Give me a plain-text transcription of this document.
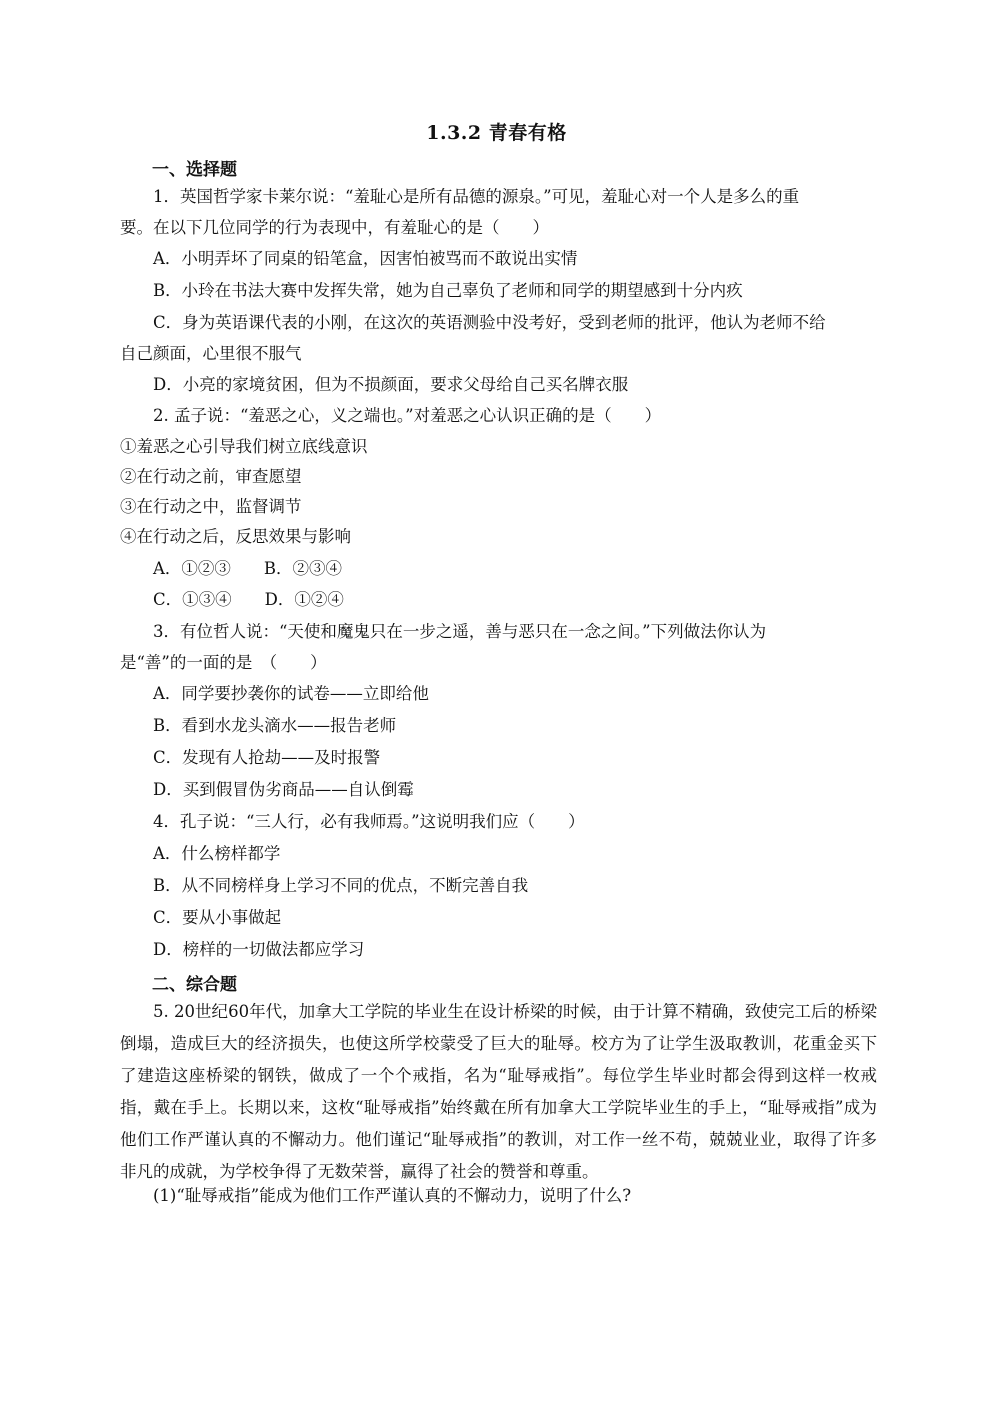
1.3.2 青春有格
一、选择题
1．英国哲学家卡莱尔说：“羞耻心是所有品德的源泉。”可见，羞耻心对一个人是多么的重
要。在以下几位同学的行为表现中，有羞耻心的是（　　）
A．小明弄坏了同桌的铅笔盒，因害怕被骂而不敢说出实情
B．小玲在书法大赛中发挥失常，她为自己辜负了老师和同学的期望感到十分内疚
C．身为英语课代表的小刚，在这次的英语测验中没考好，受到老师的批评，他认为老师不给
自己颜面，心里很不服气
D．小亮的家境贫困，但为不损颜面，要求父母给自己买名牌衣服
2. 孟子说：“羞恶之心，义之端也。”对羞恶之心认识正确的是（　　）
①羞恶之心引导我们树立底线意识
②在行动之前，审查愿望
③在行动之中，监督调节
④在行动之后，反思效果与影响
A．①②③　　B．②③④
C．①③④　　D．①②④
3．有位哲人说：“天使和魔鬼只在一步之遥，善与恶只在一念之间。”下列做法你认为
是“善”的一面的是　（　　）
A．同学要抄袭你的试卷——立即给他
B．看到水龙头滴水——报告老师
C．发现有人抢劫——及时报警
D．买到假冒伪劣商品——自认倒霉
4．孔子说：“三人行，必有我师焉。”这说明我们应（　　）
A．什么榜样都学
B．从不同榜样身上学习不同的优点，不断完善自我
C．要从小事做起
D．榜样的一切做法都应学习
二、综合题
5. 20世纪60年代，加拿大工学院的毕业生在设计桥梁的时候，由于计算不精确，致使完工后的桥梁倒塌，造成巨大的经济损失，也使这所学校蒙受了巨大的耻辱。校方为了让学生汲取教训，花重金买下了建造这座桥梁的钢铁，做成了一个个戒指，名为“耻辱戒指”。每位学生毕业时都会得到这样一枚戒指，戴在手上。长期以来，这枚“耻辱戒指”始终戴在所有加拿大工学院毕业生的手上，“耻辱戒指”成为他们工作严谨认真的不懈动力。他们谨记“耻辱戒指”的教训，对工作一丝不苟，兢兢业业，取得了许多非凡的成就，为学校争得了无数荣誉，赢得了社会的赞誉和尊重。
(1)“耻辱戒指”能成为他们工作严谨认真的不懈动力，说明了什么?
